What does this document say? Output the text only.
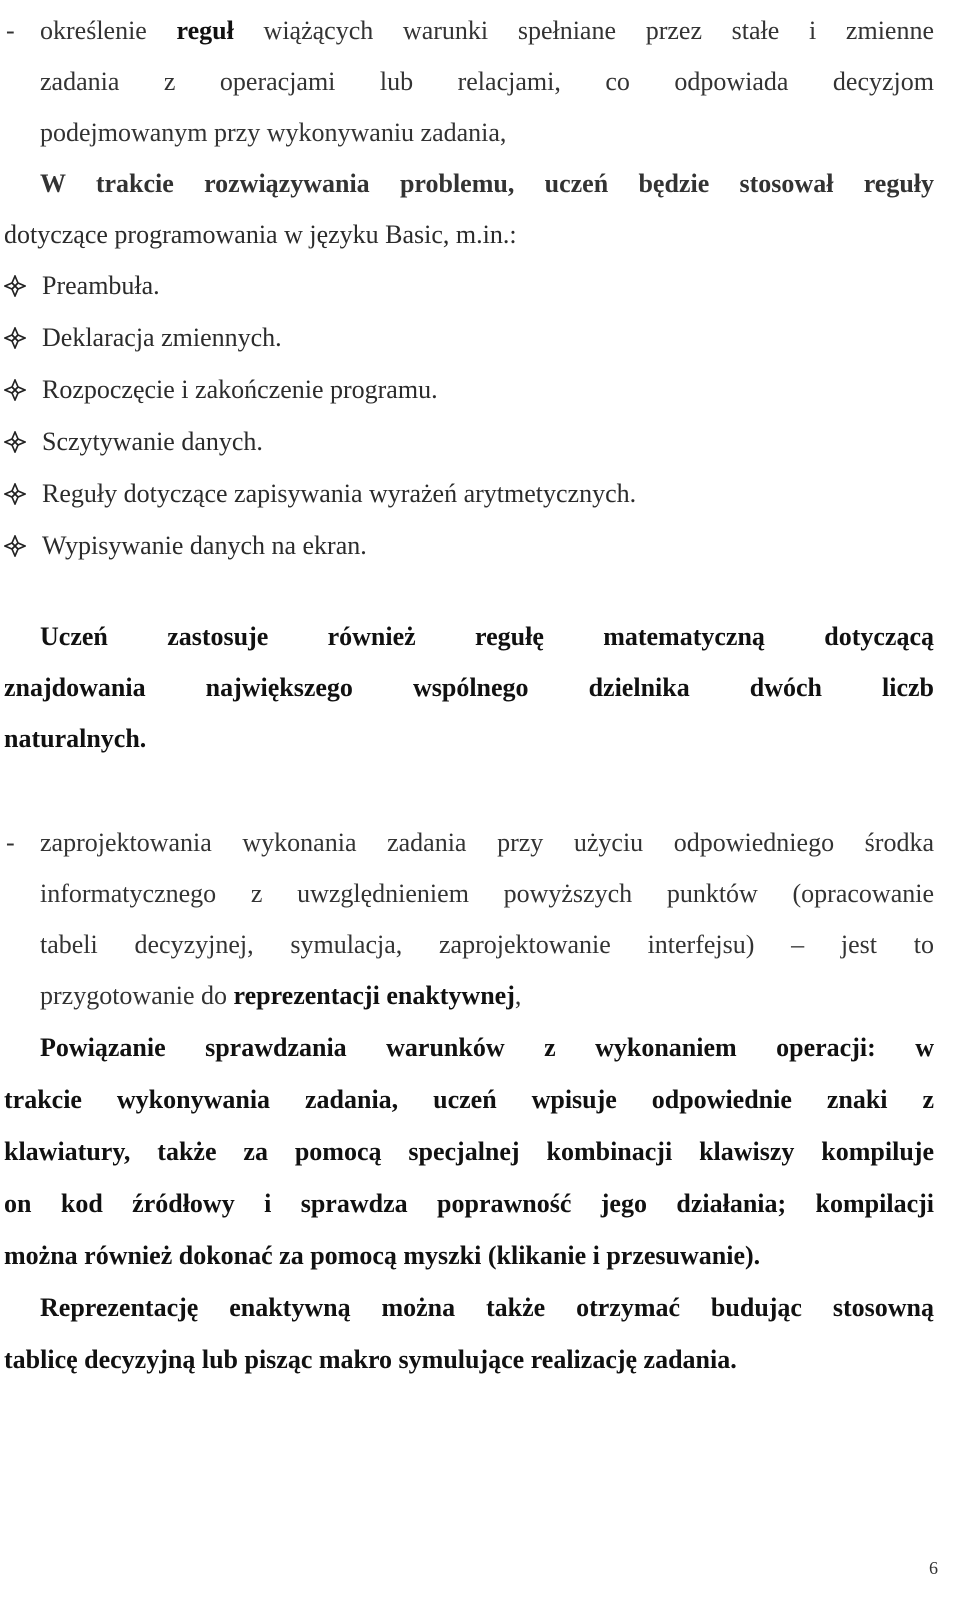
- określenie reguł wiążących warunki spełniane przez stałe i zmienne

zadania z operacjami lub relacjami, co odpowiada decyzjom

podejmowanym przy wykonywaniu zadania,

W trakcie rozwiązywania problemu, uczeń będzie stosował reguły

dotyczące programowania w języku Basic, m.in.:

Preambuła.
Deklaracja zmiennych.
Rozpoczęcie i zakończenie programu.
Sczytywanie danych.
Reguły dotyczące zapisywania wyrażeń arytmetycznych.
Wypisywanie danych na ekran.

Uczeń zastosuje również regułę matematyczną dotyczącą

znajdowania największego wspólnego dzielnika dwóch liczb

naturalnych.

- zaprojektowania wykonania zadania przy użyciu odpowiedniego środka

informatycznego z uwzględnieniem powyższych punktów (opracowanie

tabeli decyzyjnej, symulacja, zaprojektowanie interfejsu) – jest to

przygotowanie do reprezentacji enaktywnej,

Powiązanie sprawdzania warunków z wykonaniem operacji: w

trakcie wykonywania zadania, uczeń wpisuje odpowiednie znaki z

klawiatury, także za pomocą specjalnej kombinacji klawiszy kompiluje

on kod źródłowy i sprawdza poprawność jego działania; kompilacji

można również dokonać za pomocą myszki (klikanie i przesuwanie).

Reprezentację enaktywną można także otrzymać budując stosowną

tablicę decyzyjną lub pisząc makro symulujące realizację zadania.

6
